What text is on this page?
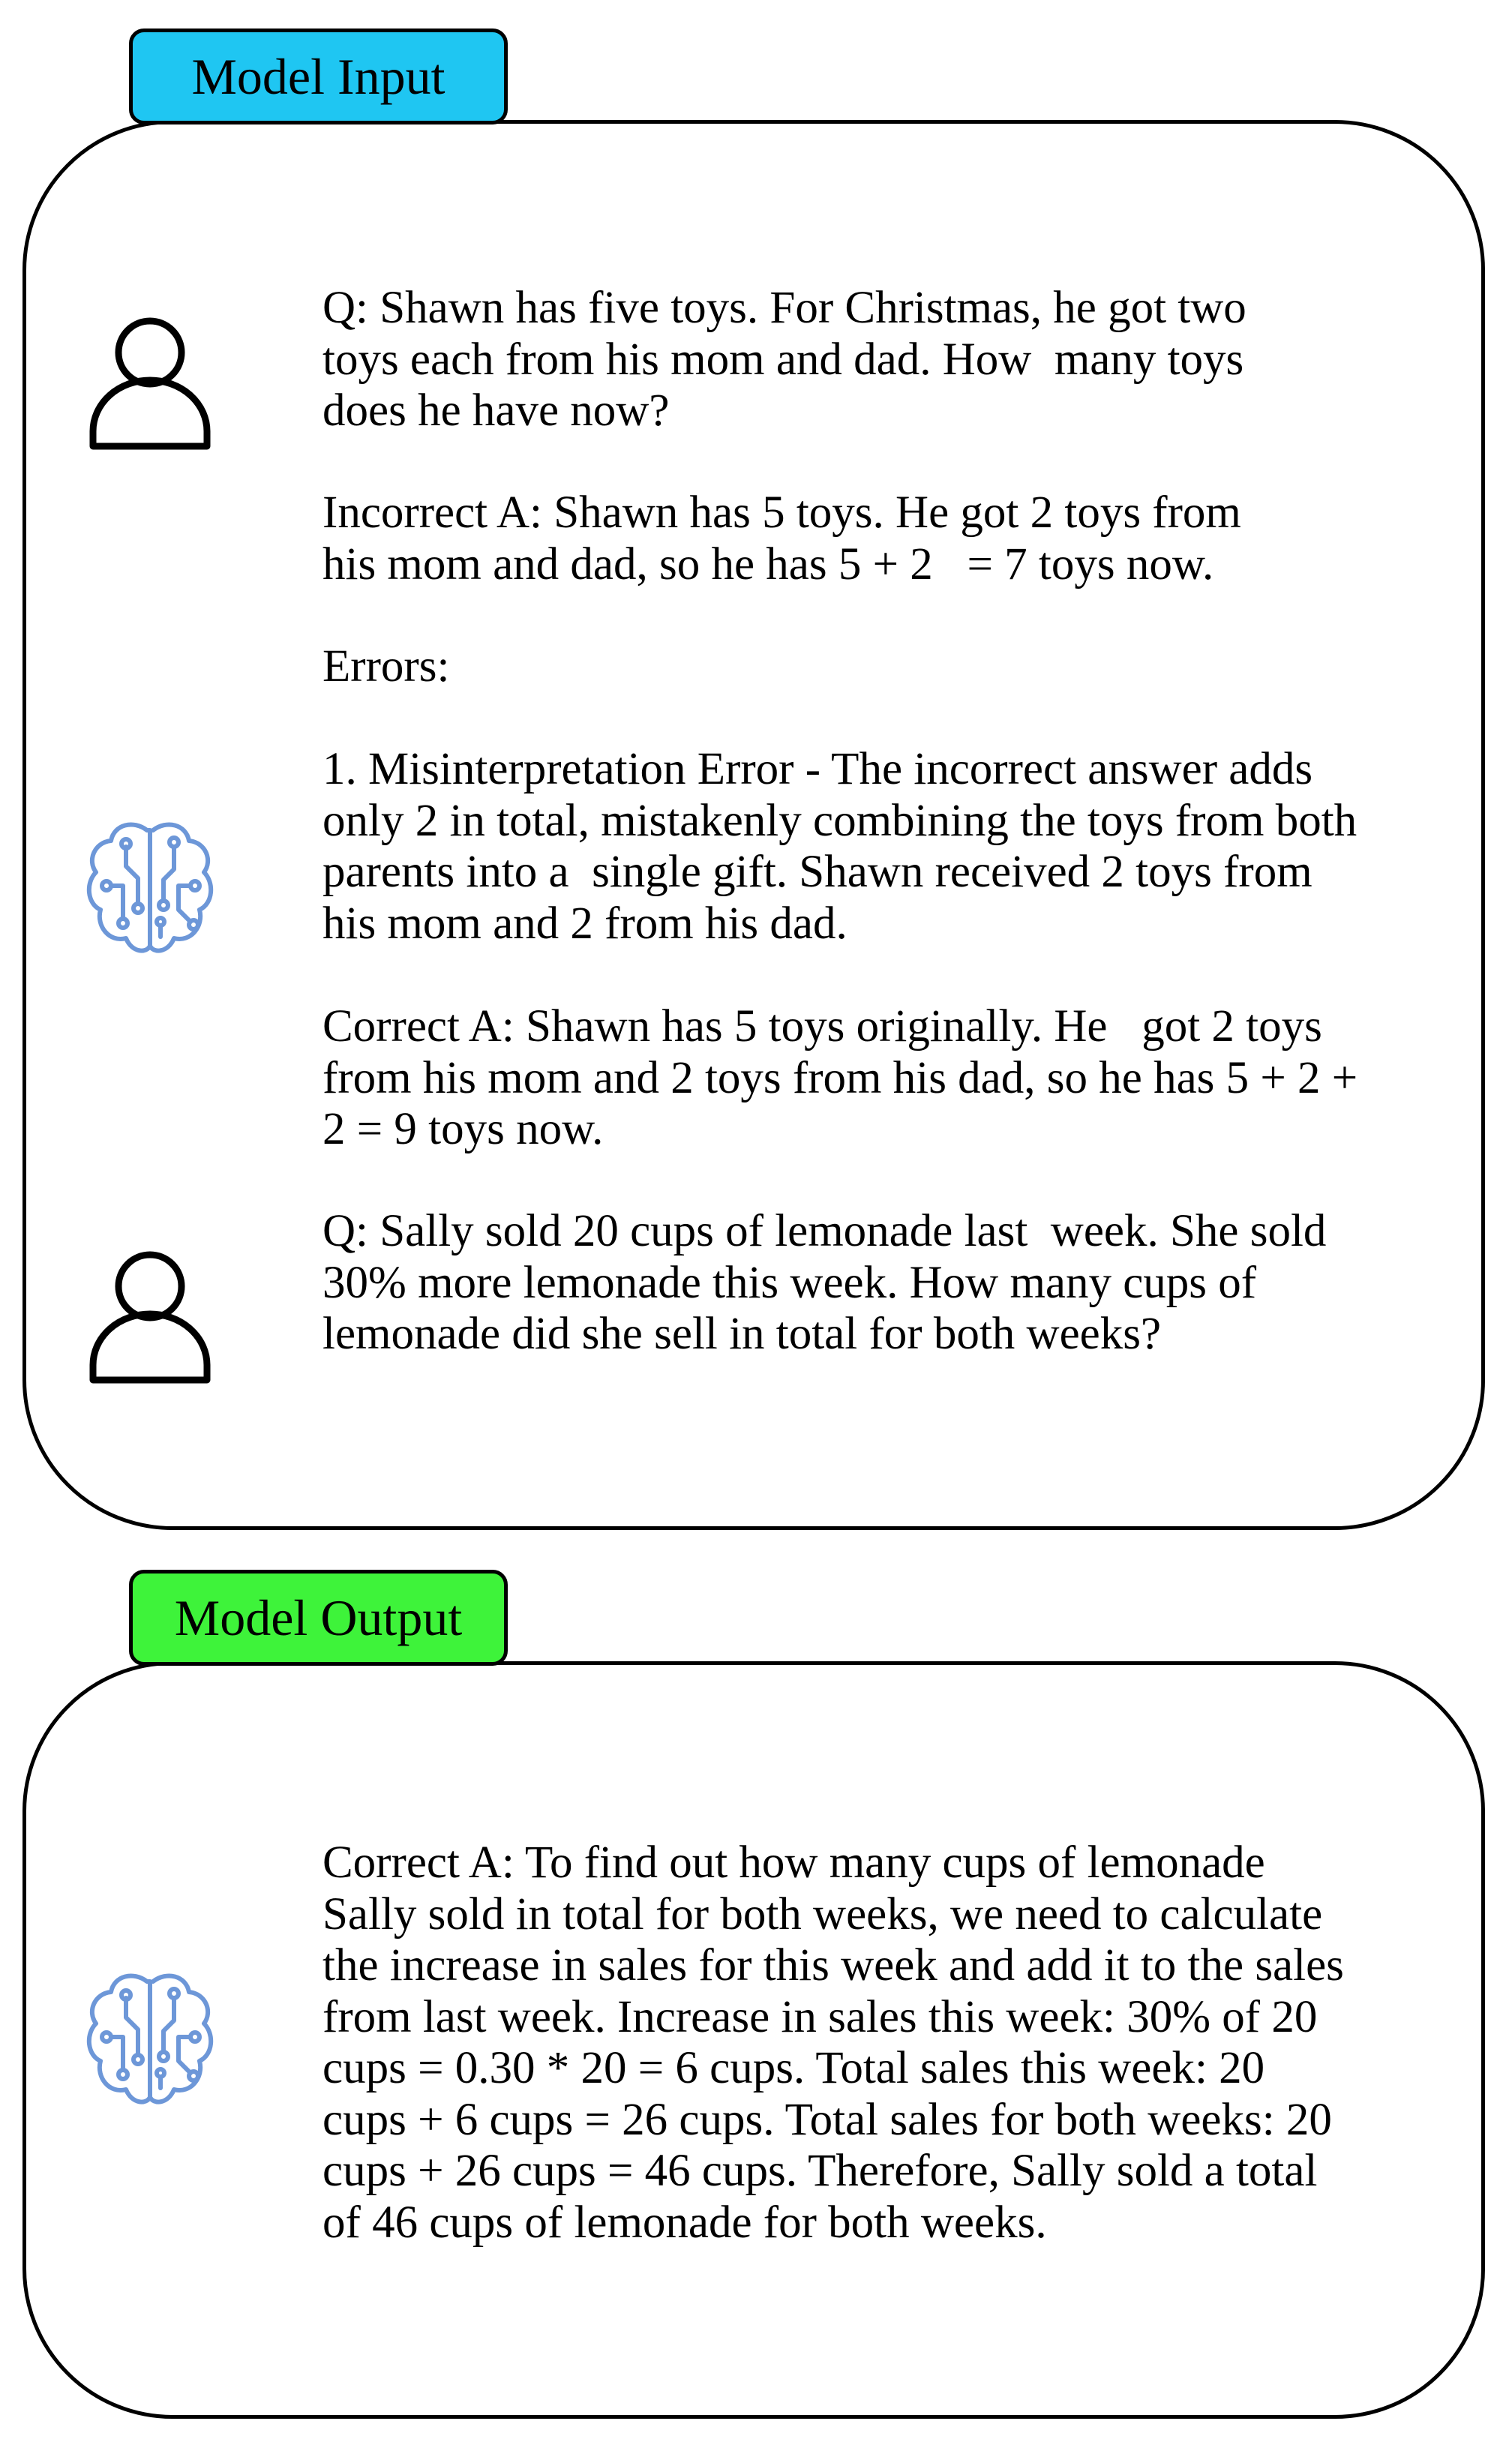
Model Input
Q: Shawn has five toys. For Christmas, he got two
toys each from his mom and dad. How  many toys
does he have now?
Incorrect A: Shawn has 5 toys. He got 2 toys from
his mom and dad, so he has 5 + 2   = 7 toys now.
Errors:
1. Misinterpretation Error - The incorrect answer adds
only 2 in total, mistakenly combining the toys from both
parents into a  single gift. Shawn received 2 toys from
his mom and 2 from his dad.
Correct A: Shawn has 5 toys originally. He   got 2 toys
from his mom and 2 toys from his dad, so he has 5 + 2 +
2 = 9 toys now.
Q: Sally sold 20 cups of lemonade last  week. She sold
30% more lemonade this week. How many cups of
lemonade did she sell in total for both weeks?
Model Output
Correct A: To find out how many cups of lemonade
Sally sold in total for both weeks, we need to calculate
the increase in sales for this week and add it to the sales
from last week. Increase in sales this week: 30% of 20
cups = 0.30 * 20 = 6 cups. Total sales this week: 20
cups + 6 cups = 26 cups. Total sales for both weeks: 20
cups + 26 cups = 46 cups. Therefore, Sally sold a total
of 46 cups of lemonade for both weeks.
